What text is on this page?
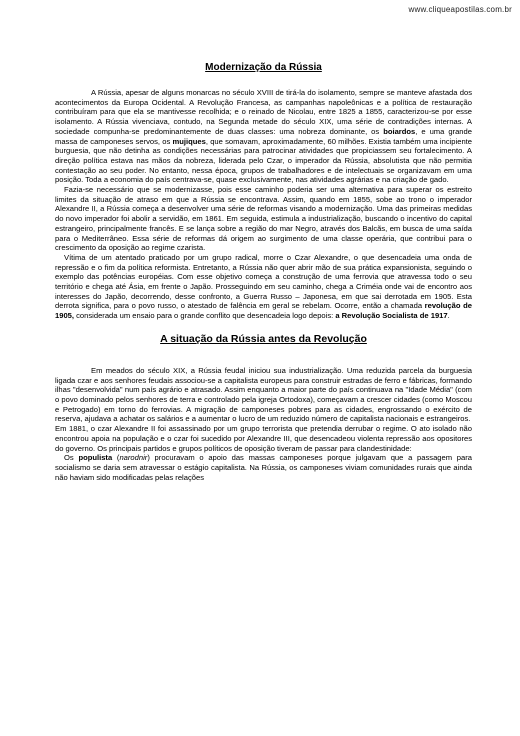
www.cliqueapostilas.com.br
Modernização da Rússia

A Rússia, apesar de alguns monarcas no século XVIII de tirá-la do isolamento, sempre se manteve afastada dos acontecimentos da Europa Ocidental. A Revolução Francesa, as campanhas napoleônicas e a política de restauração contribuíram para que ela se mantivesse recolhida; e o reinado de Nicolau, entre 1825 a 1855, caracterizou-se por esse isolamento. A Rússia vivenciava, contudo, na Segunda metade do século XIX, uma série de contradições internas. A sociedade compunha-se predominantemente de duas classes: uma nobreza dominante, os boiardos, e uma grande massa de camponeses servos, os mujiques, que somavam, aproximadamente, 60 milhões. Existia também uma incipiente burguesia, que não detinha as condições necessárias para patrocinar atividades que propiciassem seu fortalecimento. A direção política estava nas mãos da nobreza, liderada pelo Czar, o imperador da Rússia, absolutista que não permitia contestação ao seu poder. No entanto, nessa época, grupos de trabalhadores e de intelectuais se organizavam em uma posição. Toda a economia do país centrava-se, quase exclusivamente, nas atividades agrárias e na criação de gado.

Fazia-se necessário que se modernizasse, pois esse caminho poderia ser uma alternativa para superar os estreito limites da situação de atraso em que a Rússia se encontrava. Assim, quando em 1855, sobe ao trono o imperador Alexandre II, a Rússia começa a desenvolver uma série de reformas visando a modernização. Uma das primeiras medidas do novo imperador foi abolir a servidão, em 1861. Em seguida, estimula a industrialização, buscando o incentivo do capital estrangeiro, principalmente francês. E se lança sobre a região do mar Negro, através dos Balcãs, em busca de uma saída para o Mediterrâneo. Essa série de reformas dá origem ao surgimento de uma classe operária, que contribui para o crescimento da oposição ao regime czarista.

Vítima de um atentado praticado por um grupo radical, morre o Czar Alexandre, o que desencadeia uma onda de repressão e o fim da política reformista. Entretanto, a Rússia não quer abrir mão de sua prática expansionista, seguindo o exemplo das potências européias. Com esse objetivo começa a construção de uma ferrovia que atravessa todo o seu território e chega até Ásia, em frente o Japão. Prosseguindo em seu caminho, chega a Criméia onde vai de encontro aos interesses do Japão, decorrendo, desse confronto, a Guerra Russo – Japonesa, em que sai derrotada em 1905. Esta derrota significa, para o povo russo, o atestado de falência em geral se rebelam. Ocorre, então a chamada revolução de 1905, considerada um ensaio para o grande conflito que desencadeia logo depois: a Revolução Socialista de 1917.

A situação da Rússia antes da Revolução

Em meados do século XIX, a Rússia feudal iniciou sua industrialização. Uma reduzida parcela da burguesia ligada czar e aos senhores feudais associou-se a capitalista europeus para construir estradas de ferro e fábricas, formando ilhas "desenvolvida" num país agrário e atrasado. Assim enquanto a maior parte do país continuava na "Idade Média" (com o povo dominado pelos senhores de terra e controlado pela igreja Ortodoxa), começavam a crescer cidades (como Moscou e Petrogado) em torno do ferrovias. A migração de camponeses pobres para as cidades, engrossando o exército de reserva, ajudava a achatar os salários e a aumentar o lucro de um reduzido número de capitalista nacionais e estrangeiros.

Em 1881, o czar Alexandre II foi assassinado por um grupo terrorista que pretendia derrubar o regime. O ato isolado não encontrou apoia na população e o czar foi sucedido por Alexandre III, que desencadeou violenta repressão aos opositores do governo. Os principais partidos e grupos políticos de oposição tiveram de passar para clandestinidade:

Os populista (narodnir) procuravam o apoio das massas camponeses porque julgavam que a passagem para socialismo se daria sem atravessar o estágio capitalista. Na Rússia, os camponeses viviam comunidades rurais que ainda não haviam sido modificadas pelas relações
